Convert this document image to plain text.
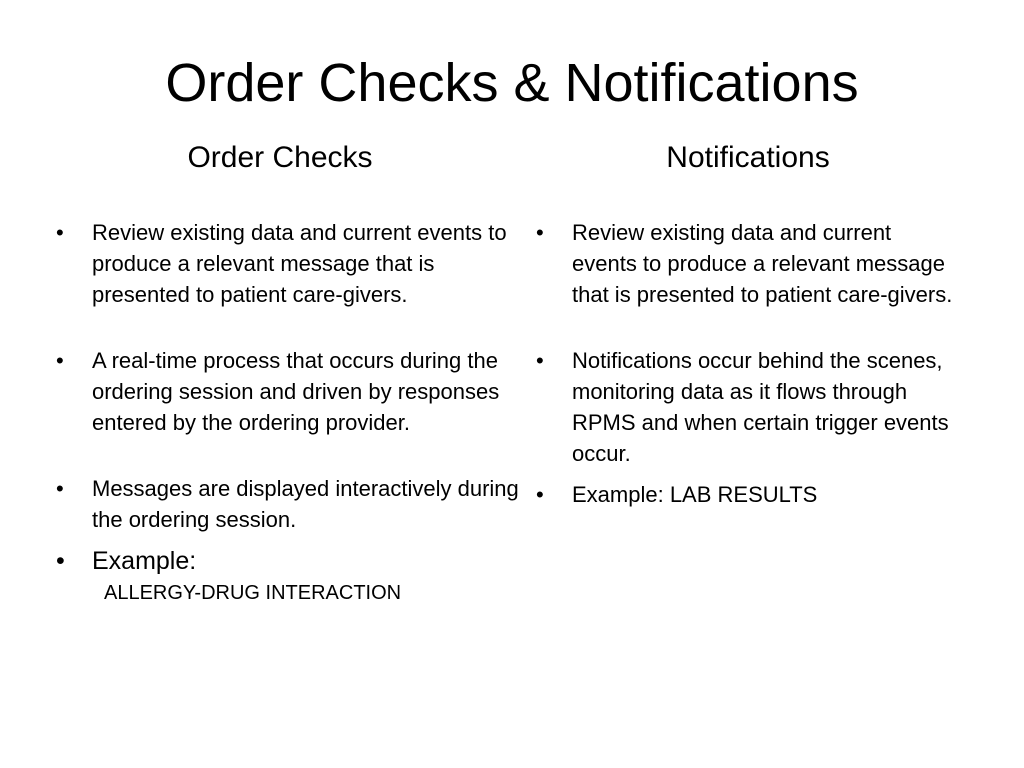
Order Checks & Notifications
Order Checks	Notifications
•	Review existing data and current events to produce a relevant message that is presented to patient care-givers.
•	A real-time process that occurs during the ordering session and driven by responses entered by the ordering provider.
•	Messages are displayed interactively during the ordering session.
•	Example:
ALLERGY-DRUG INTERACTION
•	Review existing data and current events to produce a relevant message that is presented to patient care-givers.
•	Notifications occur behind the scenes, monitoring data as it flows through RPMS and when certain trigger events occur.
•	Example: LAB RESULTS
